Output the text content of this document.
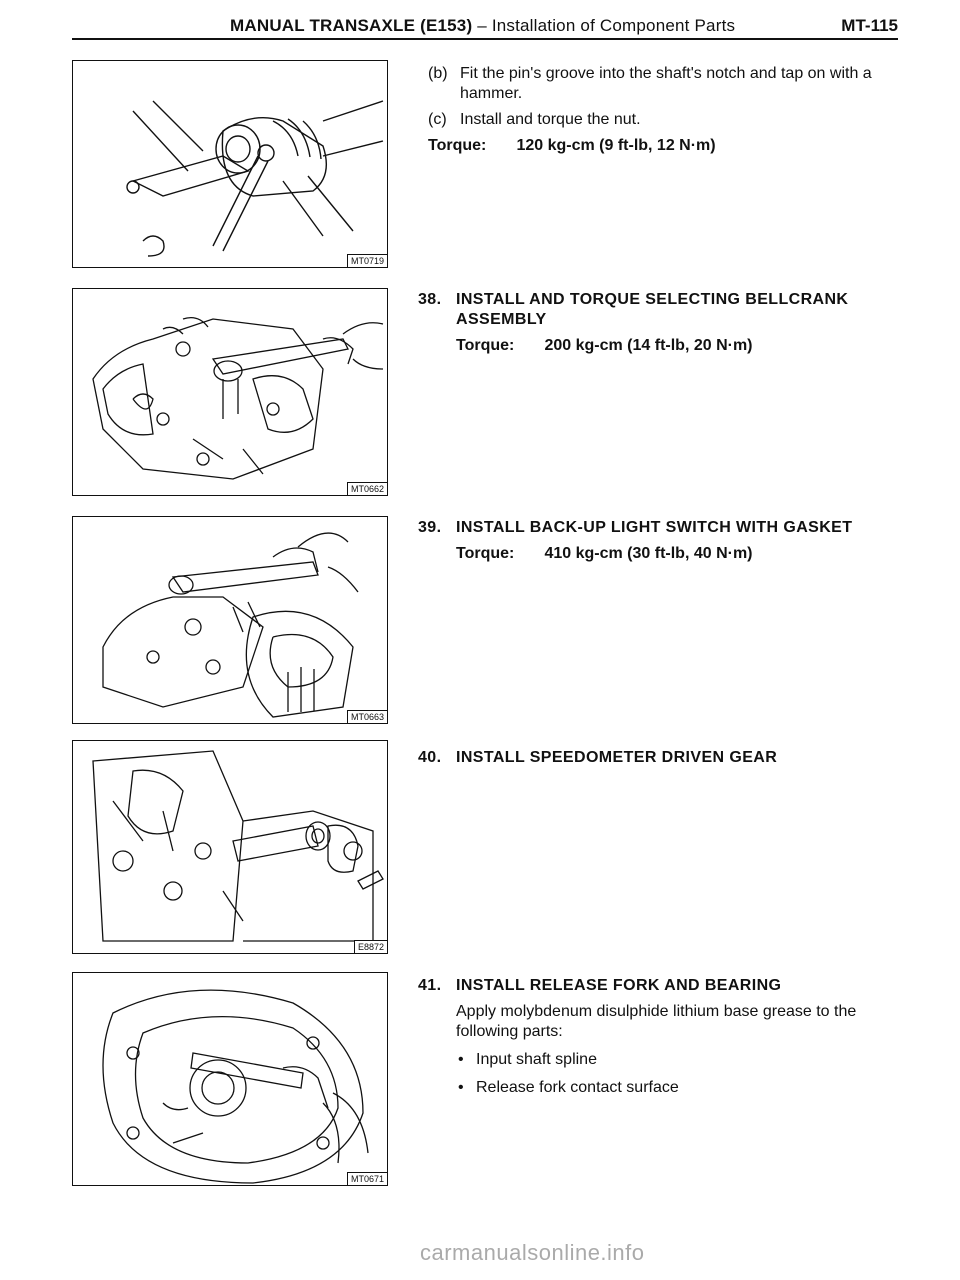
MANUAL TRANSAXLE (E153) – Installation of Component Parts	MT-115
MT0719
MT0662
MT0663
E8872
MT0671
(b) Fit the pin's groove into the shaft's notch and tap on with a hammer.
(c) Install and torque the nut.
Torque: 120 kg-cm (9 ft-lb, 12 N·m)
38. INSTALL AND TORQUE SELECTING BELLCRANK ASSEMBLY
Torque: 200 kg-cm (14 ft-lb, 20 N·m)
39. INSTALL BACK-UP LIGHT SWITCH WITH GASKET
Torque: 410 kg-cm (30 ft-lb, 40 N·m)
40. INSTALL SPEEDOMETER DRIVEN GEAR
41. INSTALL RELEASE FORK AND BEARING
Apply molybdenum disulphide lithium base grease to the following parts:
• Input shaft spline
• Release fork contact surface
carmanualsonline.info
